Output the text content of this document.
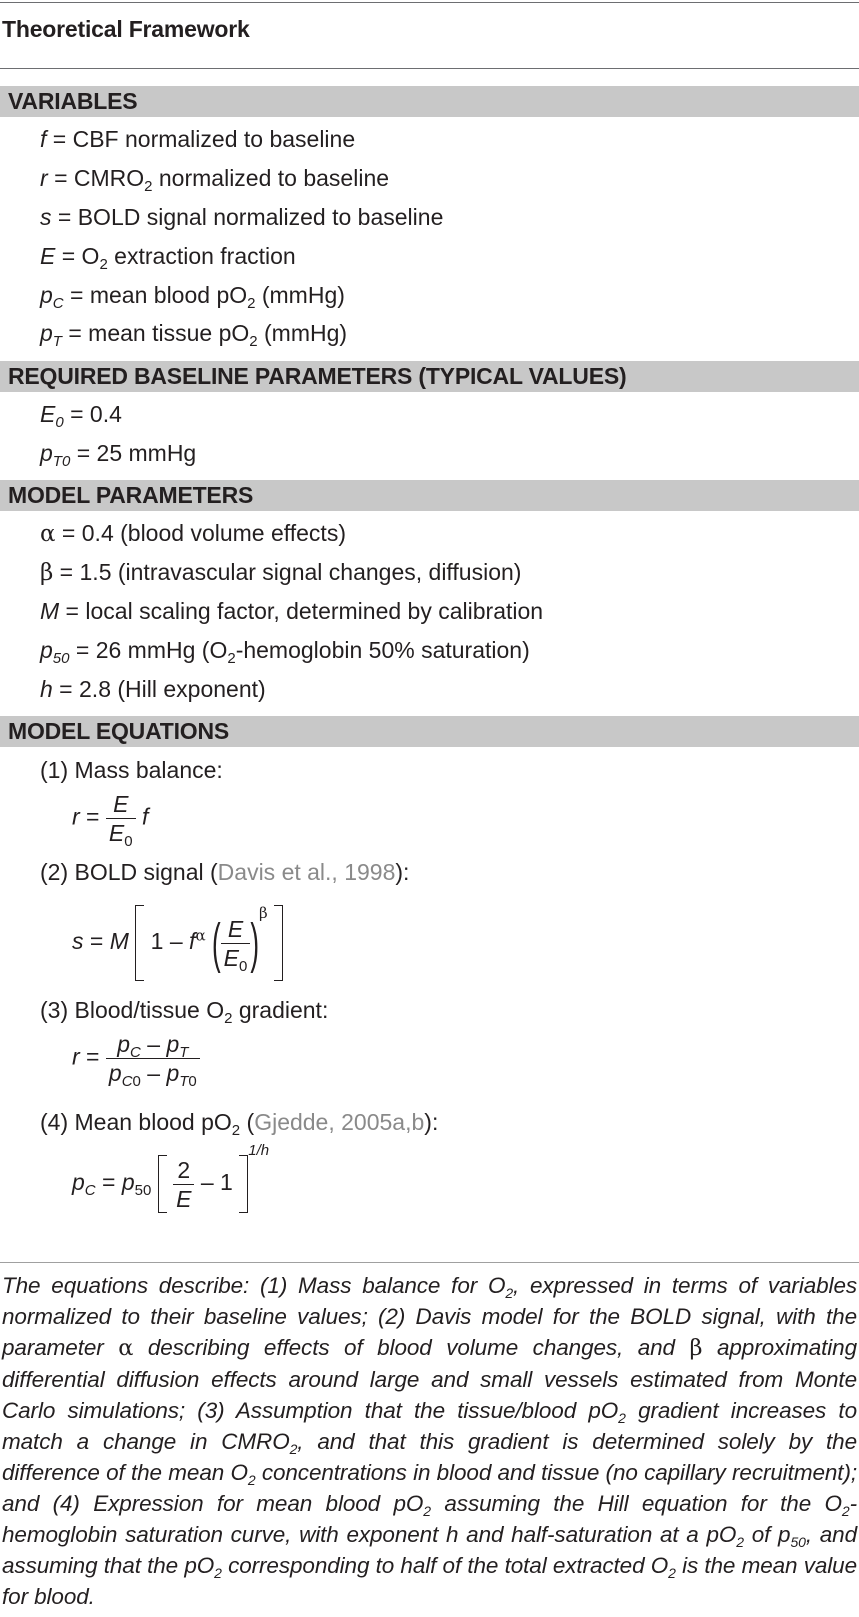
Theoretical Framework
VARIABLES
f = CBF normalized to baseline
$r = CMRO_2$ normalized to baseline
s = BOLD signal normalized to baseline
$E = O_2$ extraction fraction
$p_C$ = mean blood $pO_2$ (mmHg)
$p_T$ = mean tissue $pO_2$ (mmHg)
REQUIRED BASELINE PARAMETERS (TYPICAL VALUES)
$E_0 = 0.4$
$p_{T0} = 25$ mmHg
MODEL PARAMETERS
α = 0.4 (blood volume effects)
β = 1.5 (intravascular signal changes, diffusion)
M = local scaling factor, determined by calibration
$p_{50} = 26$ mmHg ($O_2$-hemoglobin 50% saturation)
h = 2.8 (Hill exponent)
MODEL EQUATIONS
(1) Mass balance:
$r = \frac{E}{E_0}$ f
(2) BOLD signal (Davis et al., 1998):
s = M  $1 - f^\alpha$ ( $\frac{E}{E_0} )^\beta$
(3) Blood/tissue $O_2$ gradient:
$r = \frac{p_C - p_T}{p_{C0} - p_{T0}}$
(4) Mean blood $pO_2$ (Gjedde, 2005a,b):
$p_C = p_{50} \frac{2}{E} - 1$ $^{1/h}$
The equations describe: (1) Mass balance for $O_2$, expressed in terms of variables normalized to their baseline values; (2) Davis model for the BOLD signal, with the parameter α describing effects of blood volume changes, and β approximating differential diffusion effects around large and small vessels estimated from Monte Carlo simulations; (3) Assumption that the tissue/blood $pO_2$ gradient increases to match a change in $CMRO_2$, and that this gradient is determined solely by the difference of the mean $O_2$ concentrations in blood and tissue (no capillary recruitment); and (4) Expression for mean blood $pO_2$ assuming the Hill equation for the $O_2$-hemoglobin saturation curve, with exponent h and half-saturation at a $pO_2$ of $p_{50}$, and assuming that the $pO_2$ corresponding to half of the total extracted $O_2$ is the mean value for blood.
